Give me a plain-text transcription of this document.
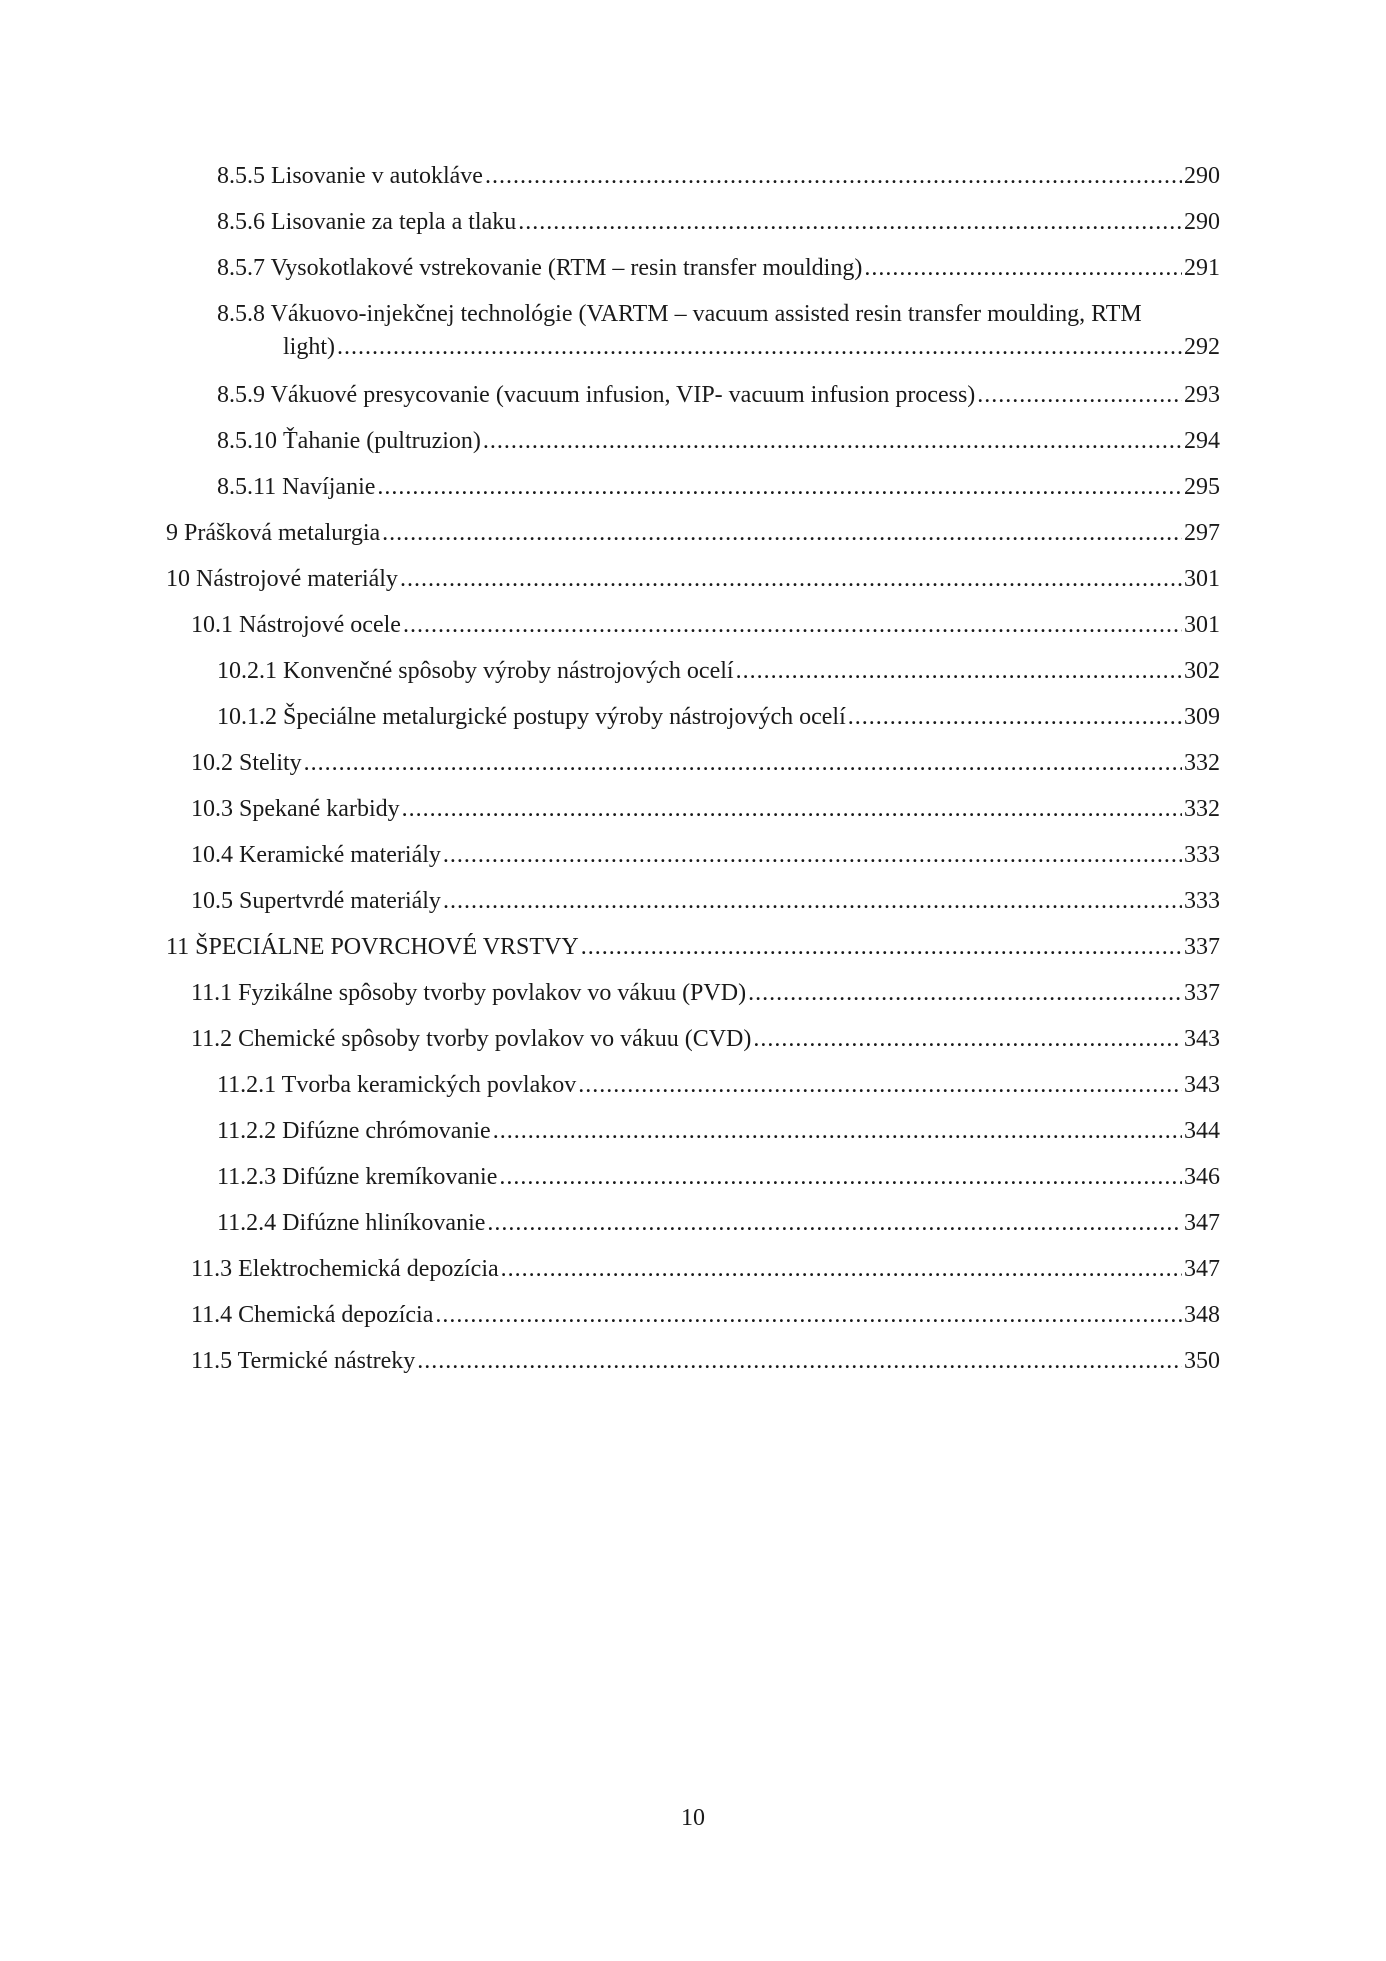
8.5.5 Lisovanie v autokláve .....	290
8.5.6 Lisovanie za tepla a tlaku .....	290
8.5.7 Vysokotlakové vstrekovanie (RTM – resin transfer moulding) .....	291
8.5.8 Vákuovo-injekčnej technológie (VARTM – vacuum assisted resin transfer moulding, RTM
light) .....	292
8.5.9 Vákuové presycovanie (vacuum infusion, VIP- vacuum infusion process) .....	293
8.5.10 Ťahanie (pultruzion) .....	294
8.5.11 Navíjanie .....	295
9 Prášková metalurgia .....	297
10 Nástrojové materiály .....	301
10.1 Nástrojové ocele .....	301
10.2.1 Konvenčné spôsoby výroby nástrojových ocelí .....	302
10.1.2 Špeciálne metalurgické postupy výroby nástrojových ocelí .....	309
10.2 Stelity .....	332
10.3 Spekané karbidy .....	332
10.4 Keramické materiály .....	333
10.5 Supertvrdé materiály .....	333
11 ŠPECIÁLNE POVRCHOVÉ VRSTVY .....	337
11.1 Fyzikálne spôsoby tvorby povlakov vo vákuu (PVD) .....	337
11.2 Chemické spôsoby tvorby povlakov vo vákuu (CVD) .....	343
11.2.1 Tvorba keramických povlakov .....	343
11.2.2 Difúzne chrómovanie .....	344
11.2.3 Difúzne kremíkovanie .....	346
11.2.4 Difúzne hliníkovanie .....	347
11.3 Elektrochemická depozícia .....	347
11.4 Chemická depozícia .....	348
11.5 Termické nástreky .....	350
10
